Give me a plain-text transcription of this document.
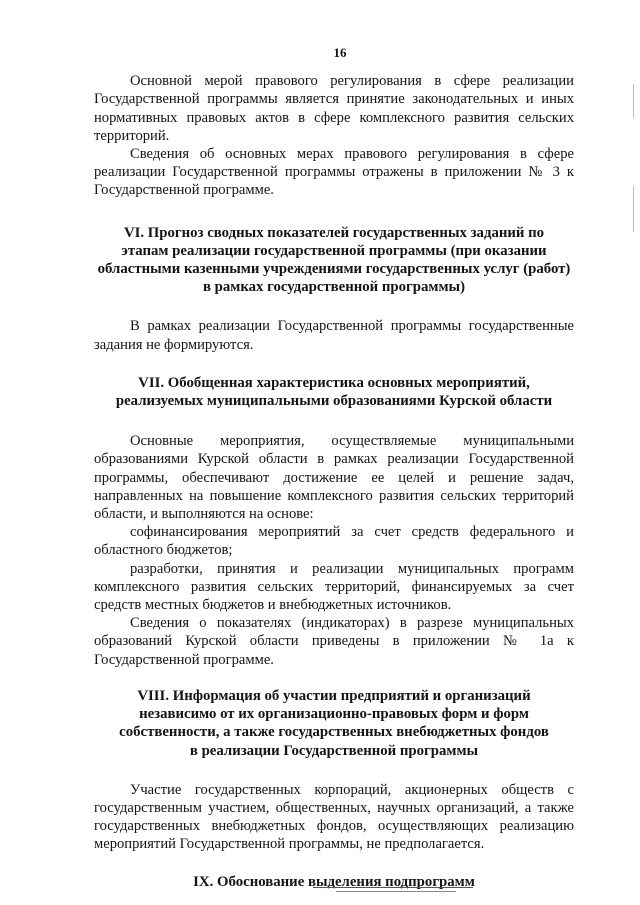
16

Основной мерой правового регулирования в сфере реализации Государственной программы является принятие законодательных и иных нормативных правовых актов в сфере комплексного развития сельских территорий.

Сведения об основных мерах правового регулирования в сфере реализации Государственной программы отражены в приложении № 3 к Государственной программе.

VI. Прогноз сводных показателей государственных заданий по
этапам реализации государственной программы (при оказании
областными казенными учреждениями государственных услуг (работ)
в рамках государственной программы)

В рамках реализации Государственной программы государственные задания не формируются.

VII. Обобщенная характеристика основных мероприятий,
реализуемых муниципальными образованиями Курской области

Основные мероприятия, осуществляемые муниципальными образованиями Курской области в рамках реализации Государственной программы, обеспечивают достижение ее целей и решение задач, направленных на повышение комплексного развития сельских территорий области, и выполняются на основе:

софинансирования мероприятий за счет средств федерального и областного бюджетов;

разработки, принятия и реализации муниципальных программ комплексного развития сельских территорий, финансируемых за счет средств местных бюджетов и внебюджетных источников.

Сведения о показателях (индикаторах) в разрезе муниципальных образований Курской области приведены в приложении № 1а к Государственной программе.

VIII. Информация об участии предприятий и организаций
независимо от их организационно-правовых форм и форм
собственности, а также государственных внебюджетных фондов
в реализации Государственной программы

Участие государственных корпораций, акционерных обществ с государственным участием, общественных, научных организаций, а также государственных внебюджетных фондов, осуществляющих реализацию мероприятий Государственной программы, не предполагается.

IX. Обоснование выделения подпрограмм
